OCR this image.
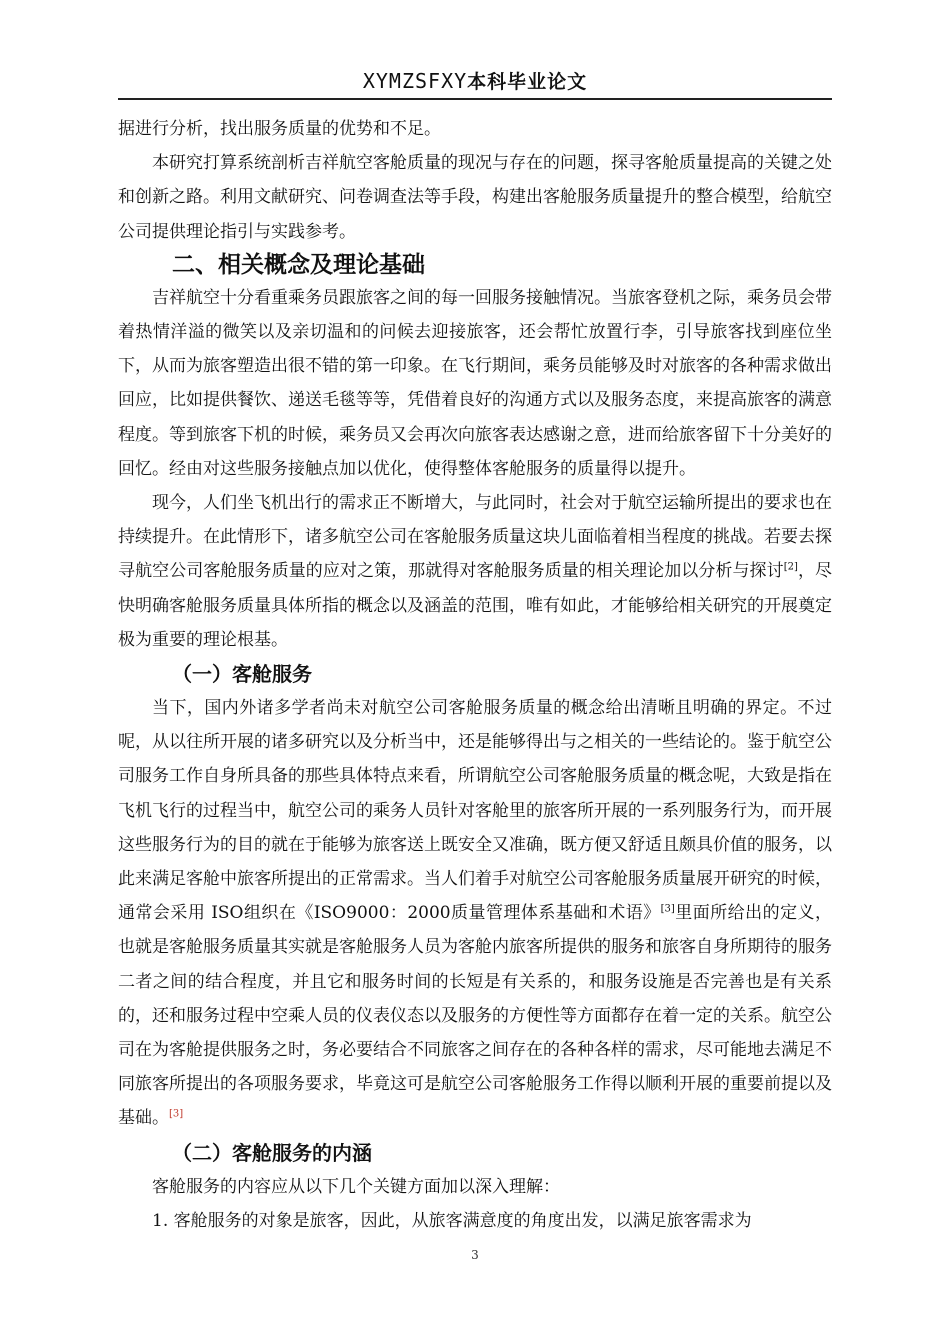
XYMZSFXY本科毕业论文

据进行分析，找出服务质量的优势和不足。

本研究打算系统剖析吉祥航空客舱质量的现况与存在的问题，探寻客舱质量提高的关键之处和创新之路。利用文献研究、问卷调查法等手段，构建出客舱服务质量提升的整合模型，给航空公司提供理论指引与实践参考。

二、相关概念及理论基础

吉祥航空十分看重乘务员跟旅客之间的每一回服务接触情况。当旅客登机之际，乘务员会带着热情洋溢的微笑以及亲切温和的问候去迎接旅客，还会帮忙放置行李，引导旅客找到座位坐下，从而为旅客塑造出很不错的第一印象。在飞行期间，乘务员能够及时对旅客的各种需求做出回应，比如提供餐饮、递送毛毯等等，凭借着良好的沟通方式以及服务态度，来提高旅客的满意程度。等到旅客下机的时候，乘务员又会再次向旅客表达感谢之意，进而给旅客留下十分美好的回忆。经由对这些服务接触点加以优化，使得整体客舱服务的质量得以提升。

现今，人们坐飞机出行的需求正不断增大，与此同时，社会对于航空运输所提出的要求也在持续提升。在此情形下，诸多航空公司在客舱服务质量这块儿面临着相当程度的挑战。若要去探寻航空公司客舱服务质量的应对之策，那就得对客舱服务质量的相关理论加以分析与探讨[2]，尽快明确客舱服务质量具体所指的概念以及涵盖的范围，唯有如此，才能够给相关研究的开展奠定极为重要的理论根基。

（一）客舱服务

当下，国内外诸多学者尚未对航空公司客舱服务质量的概念给出清晰且明确的界定。不过呢，从以往所开展的诸多研究以及分析当中，还是能够得出与之相关的一些结论的。鉴于航空公司服务工作自身所具备的那些具体特点来看，所谓航空公司客舱服务质量的概念呢，大致是指在飞机飞行的过程当中，航空公司的乘务人员针对客舱里的旅客所开展的一系列服务行为，而开展这些服务行为的目的就在于能够为旅客送上既安全又准确，既方便又舒适且颇具价值的服务，以此来满足客舱中旅客所提出的正常需求。当人们着手对航空公司客舱服务质量展开研究的时候，通常会采用 ISO组织在《ISO9000：2000质量管理体系基础和术语》[3]里面所给出的定义，也就是客舱服务质量其实就是客舱服务人员为客舱内旅客所提供的服务和旅客自身所期待的服务二者之间的结合程度，并且它和服务时间的长短是有关系的，和服务设施是否完善也是有关系的，还和服务过程中空乘人员的仪表仪态以及服务的方便性等方面都存在着一定的关系。航空公司在为客舱提供服务之时，务必要结合不同旅客之间存在的各种各样的需求，尽可能地去满足不同旅客所提出的各项服务要求，毕竟这可是航空公司客舱服务工作得以顺利开展的重要前提以及基础。[3]

（二）客舱服务的内涵

客舱服务的内容应从以下几个关键方面加以深入理解：

1. 客舱服务的对象是旅客，因此，从旅客满意度的角度出发，以满足旅客需求为

3
